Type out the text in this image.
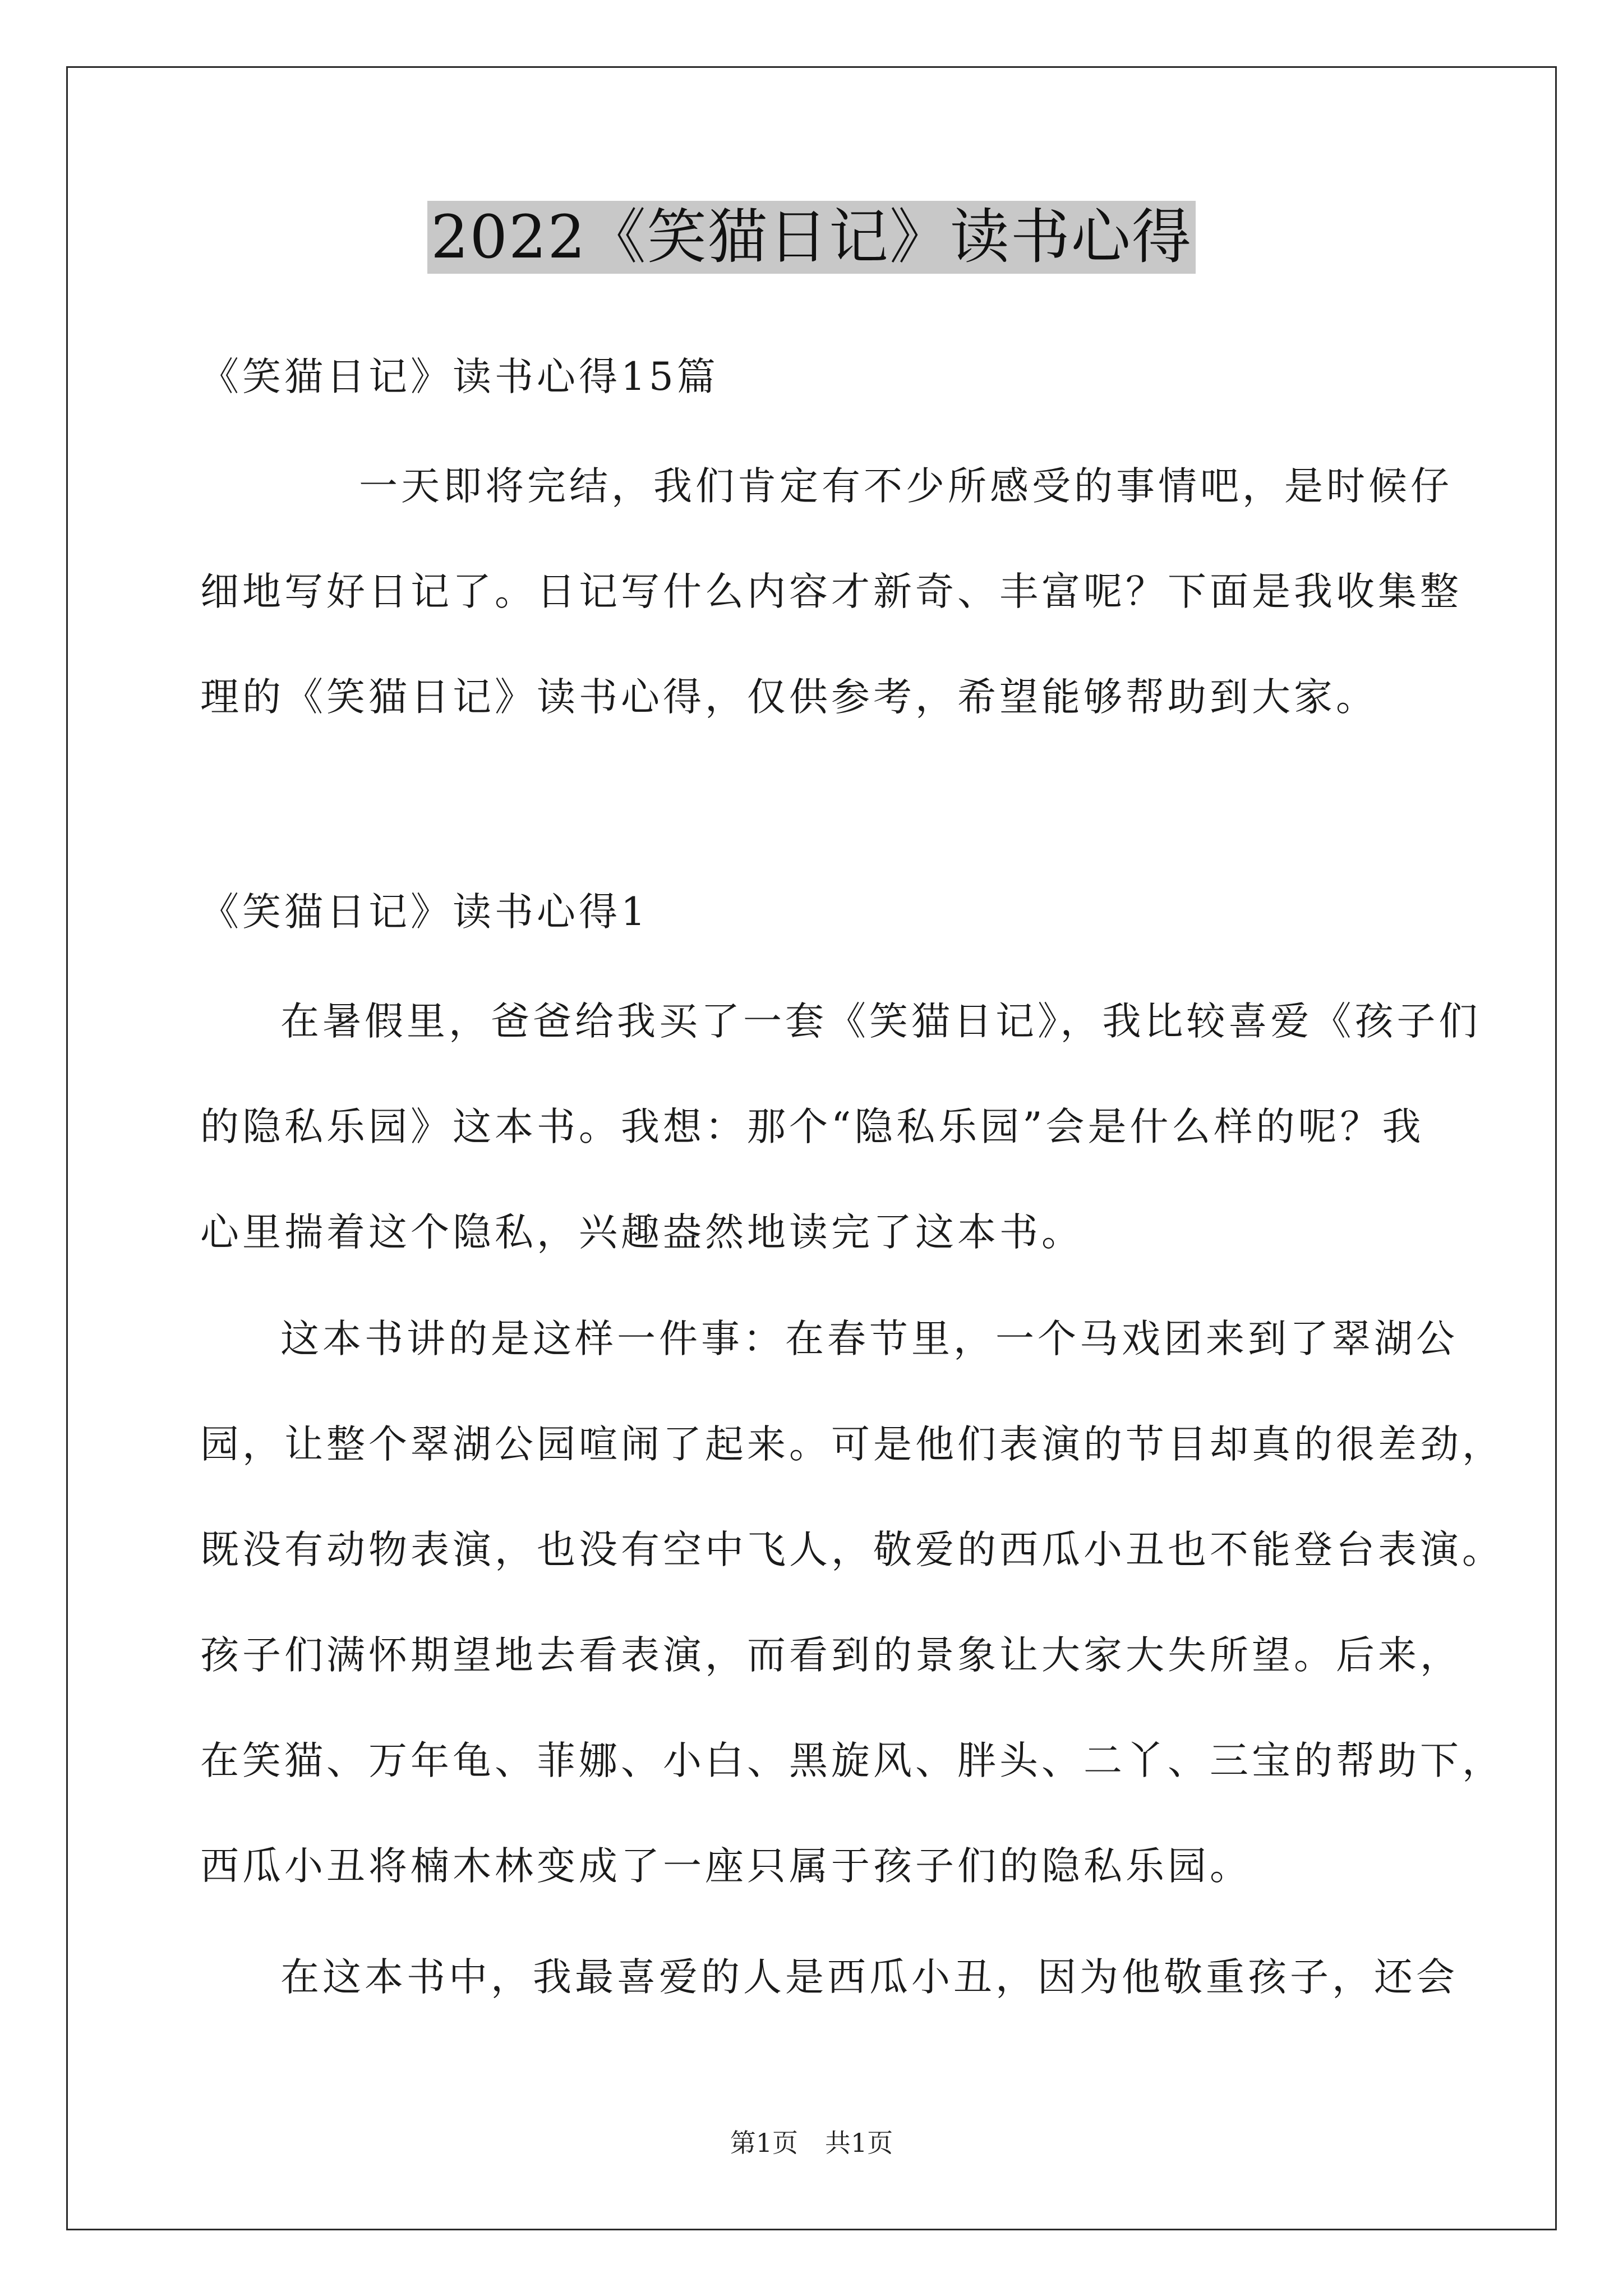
2022《笑猫日记》读书心得
《笑猫日记》读书心得15篇
一天即将完结，我们肯定有不少所感受的事情吧，是时候仔
细地写好日记了。日记写什么内容才新奇、丰富呢？下面是我收集整
理的《笑猫日记》读书心得，仅供参考，希望能够帮助到大家。
《笑猫日记》读书心得1
在暑假里，爸爸给我买了一套《笑猫日记》，我比较喜爱《孩子们
的隐私乐园》这本书。我想：那个“隐私乐园”会是什么样的呢？我
心里揣着这个隐私，兴趣盎然地读完了这本书。
这本书讲的是这样一件事：在春节里，一个马戏团来到了翠湖公
园，让整个翠湖公园喧闹了起来。可是他们表演的节目却真的很差劲，
既没有动物表演，也没有空中飞人，敬爱的西瓜小丑也不能登台表演。
孩子们满怀期望地去看表演，而看到的景象让大家大失所望。后来，
在笑猫、万年龟、菲娜、小白、黑旋风、胖头、二丫、三宝的帮助下，
西瓜小丑将楠木林变成了一座只属于孩子们的隐私乐园。
在这本书中，我最喜爱的人是西瓜小丑，因为他敬重孩子，还会
第1页 共1页
